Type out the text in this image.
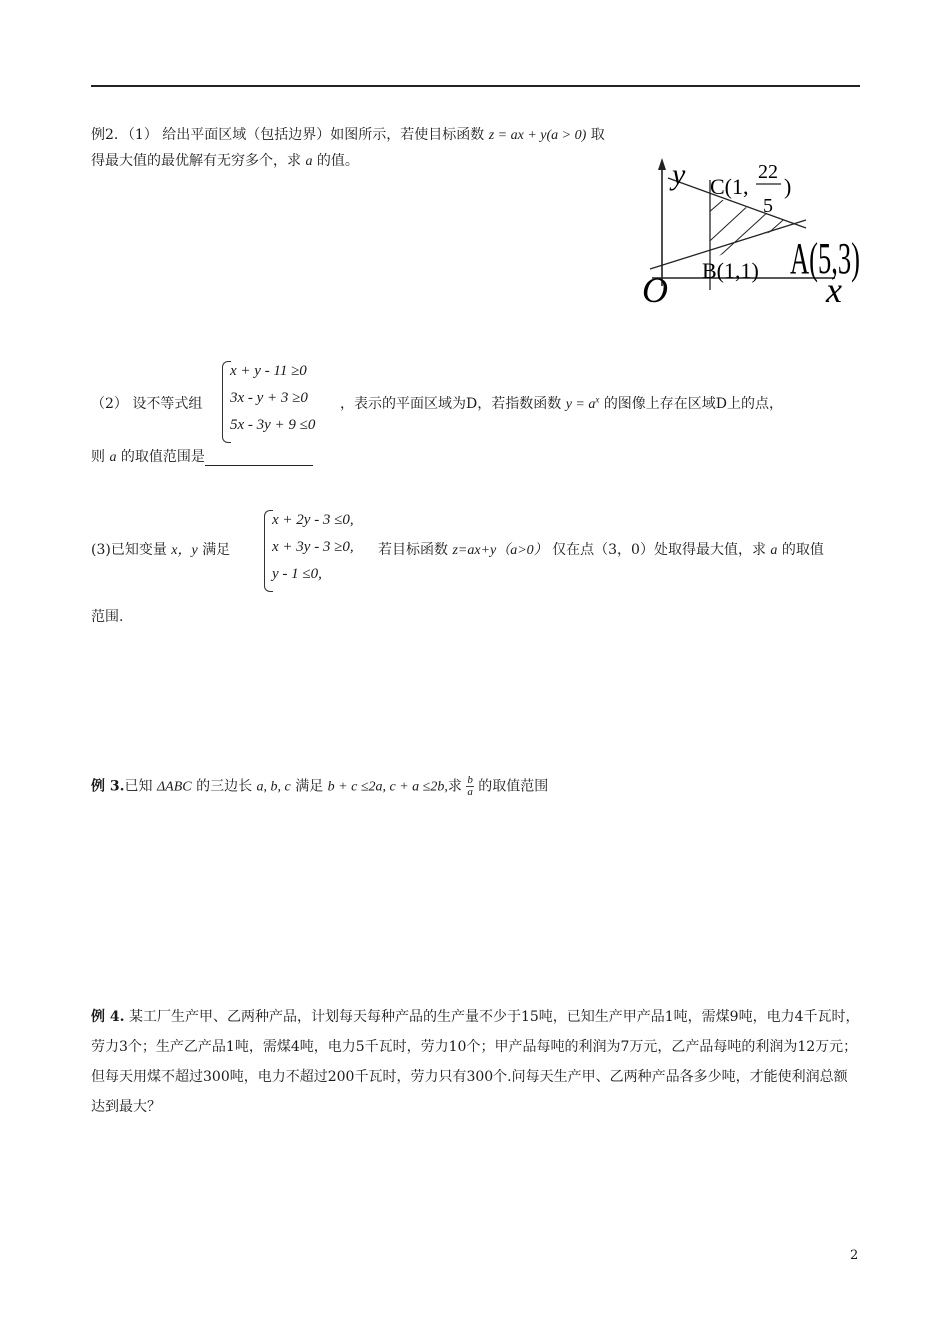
例2．（1） 给出平面区域（包括边界）如图所示，若使目标函数 z = ax + y(a > 0) 取
得最大值的最优解有无穷多个，求 a 的值。	y
x
O
C(1,
22
5
)
A(5,3)
B(1,1)
（2） 设不等式组
x + y - 11 ≥0
3x - y + 3 ≥0
5x - 3y + 9 ≤0
，表示的平面区域为D，若指数函数 $y = a^x$ 的图像上存在区域D上的点，
则 a 的取值范围是
(3)已知变量 x，y 满足
x + 2y - 3 ≤0,
x + 3y - 3 ≥0,
y - 1 ≤0,
若目标函数 z=ax+y（a>0） 仅在点（3，0）处取得最大值，求 a 的取值
范围.
例 3.已知 ΔABC 的三边长 a, b, c 满足 b + c ≤2a, c + a ≤2b,求 $\frac{b}{a}$ 的取值范围
例 4. 某工厂生产甲、乙两种产品，计划每天每种产品的生产量不少于15吨，已知生产甲产品1吨，需煤9吨，电力4千瓦时，劳力3个；生产乙产品1吨，需煤4吨，电力5千瓦时，劳力10个；甲产品每吨的利润为7万元，乙产品每吨的利润为12万元；但每天用煤不超过300吨，电力不超过200千瓦时，劳力只有300个.问每天生产甲、乙两种产品各多少吨，才能使利润总额达到最大？
2
